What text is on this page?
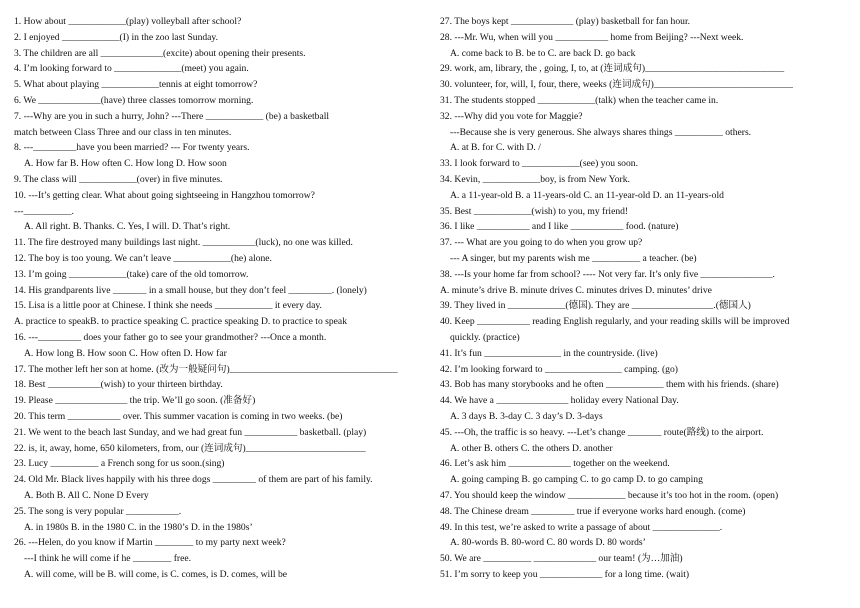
1. How about ____________(play) volleyball after school?
2. I enjoyed ____________(I) in the zoo last Sunday.
3. The children are all _____________(excite) about opening their presents.
4. I’m looking forward to ______________(meet) you again.
5. What about playing ____________tennis at eight tomorrow?
6. We _____________(have) three classes tomorrow morning.
7. ---Why are you in such a hurry, John? ---There ____________ (be) a basketball
match between Class Three and our class in ten minutes.
8. ---_________have you been married? --- For twenty years.
A. How far B. How often C. How long D. How soon
9. The class will ____________(over) in five minutes.
10. ---It’s getting clear. What about going sightseeing in Hangzhou tomorrow?
---__________.
A. All right. B. Thanks. C. Yes, I will. D. That’s right.
11. The fire destroyed many buildings last night. ___________(luck), no one was killed.
12. The boy is too young. We can’t leave ____________(he) alone.
13. I’m going ____________(take) care of the old tomorrow.
14. His grandparents live _______ in a small house, but they don’t feel _________. (lonely)
15. Lisa is a little poor at Chinese. I think she needs ____________ it every day.
A. practice to speakB. to practice speaking C. practice speaking D. to practice to speak
16. ---_________ does your father go to see your grandmother? ---Once a month.
A. How long B. How soon C. How often D. How far
17. The mother left her son at home. (改为一般疑问句)___________________________________
18. Best ___________(wish) to your thirteen birthday.
19. Please _______________ the trip. We’ll go soon. (准备好)
20. This term ___________ over. This summer vacation is coming in two weeks. (be)
21. We went to the beach last Sunday, and we had great fun ___________ basketball. (play)
22. is, it, away, home, 650 kilometers, from, our (连词成句)_________________________
23. Lucy __________ a French song for us soon.(sing)
24. Old Mr. Black lives happily with his three dogs _________ of them are part of his family.
A. Both B. All C. None D Every
25. The song is very popular ___________.
A. in 1980s B. in the 1980 C. in the 1980’s D. in the 1980s’
26. ---Helen, do you know if Martin ________ to my party next week?
---I think he will come if he ________ free.
A. will come, will be B. will come, is C. comes, is D. comes, will be
27. The boys kept _____________ (play) basketball for fan hour.
28. ---Mr. Wu, when will you ___________ home from Beijing? ---Next week.
A. come back to B. be to C. are back D. go back
29. work, am, library, the , going, I, to, at (连词成句)_____________________________
30. volunteer, for, will, I, four, there, weeks (连词成句)_____________________________
31. The students stopped ____________(talk) when the teacher came in.
32. ---Why did you vote for Maggie?
---Because she is very generous. She always shares things __________ others.
A. at B. for C. with D. /
33. I look forward to ____________(see) you soon.
34. Kevin, ____________boy, is from New York.
A. a 11-year-old B. a 11-years-old C. an 11-year-old D. an 11-years-old
35. Best ____________(wish) to you, my friend!
36. I like ___________ and I like ___________ food. (nature)
37. --- What are you going to do when you grow up?
--- A singer, but my parents wish me __________ a teacher. (be)
38. ---Is your home far from school? ---- Not very far. It’s only five _______________.
A. minute’s drive B. minute drives C. minutes drives D. minutes’ drive
39. They lived in ____________(德国). They are _________________.(德国人)
40. Keep ___________ reading English regularly, and your reading skills will be improved
quickly. (practice)
41. It’s fun ________________ in the countryside. (live)
42. I’m looking forward to ________________ camping. (go)
43. Bob has many storybooks and he often ____________ them with his friends. (share)
44. We have a _______________ holiday every National Day.
A. 3 days B. 3-day C. 3 day’s D. 3-days
45. ---Oh, the traffic is so heavy. ---Let’s change _______ route(路线) to the airport.
A. other B. others C. the others D. another
46. Let’s ask him _____________ together on the weekend.
A. going camping B. go camping C. to go camp D. to go camping
47. You should keep the window ____________ because it’s too hot in the room. (open)
48. The Chinese dream _________ true if everyone works hard enough. (come)
49. In this test, we’re asked to write a passage of about ______________.
A. 80-words B. 80-word C. 80 words D. 80 words’
50. We are __________ _____________ our team! (为…加油)
51. I’m sorry to keep you _____________ for a long time. (wait)
